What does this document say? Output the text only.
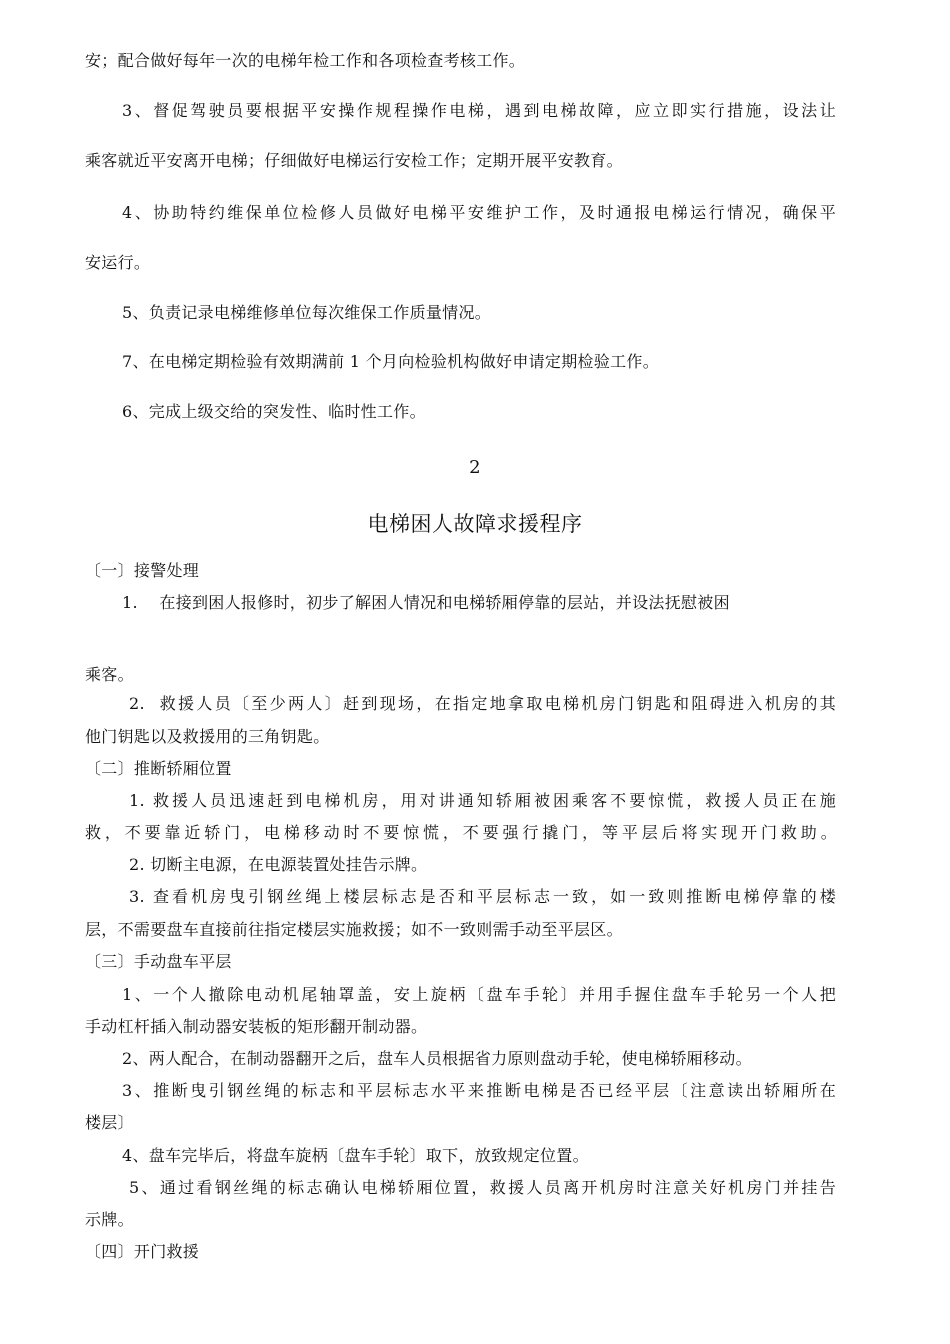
安；配合做好每年一次的电梯年检工作和各项检查考核工作。
3、督促驾驶员要根据平安操作规程操作电梯，遇到电梯故障，应立即实行措施，设法让
乘客就近平安离开电梯；仔细做好电梯运行安检工作；定期开展平安教育。
4、协助特约维保单位检修人员做好电梯平安维护工作，及时通报电梯运行情况，确保平
安运行。
5、负责记录电梯维修单位每次维保工作质量情况。
7、在电梯定期检验有效期满前 1 个月向检验机构做好申请定期检验工作。
6、完成上级交给的突发性、临时性工作。
2
电梯困人故障求援程序
〔一〕接警处理
1.    在接到困人报修时，初步了解困人情况和电梯轿厢停靠的层站，并设法抚慰被困
乘客。
2.  救援人员〔至少两人〕赶到现场，在指定地拿取电梯机房门钥匙和阻碍进入机房的其
他门钥匙以及救援用的三角钥匙。
〔二〕推断轿厢位置
1. 救援人员迅速赶到电梯机房，用对讲通知轿厢被困乘客不要惊慌，救援人员正在施
救，不要靠近轿门，电梯移动时不要惊慌，不要强行撬门，等平层后将实现开门救助。
2. 切断主电源，在电源装置处挂告示牌。
3. 查看机房曳引钢丝绳上楼层标志是否和平层标志一致，如一致则推断电梯停靠的楼
层，不需要盘车直接前往指定楼层实施救援；如不一致则需手动至平层区。
〔三〕手动盘车平层
1、一个人撤除电动机尾轴罩盖，安上旋柄〔盘车手轮〕并用手握住盘车手轮另一个人把
手动杠杆插入制动器安装板的矩形翻开制动器。
2、两人配合，在制动器翻开之后，盘车人员根据省力原则盘动手轮，使电梯轿厢移动。
3、推断曳引钢丝绳的标志和平层标志水平来推断电梯是否已经平层〔注意读出轿厢所在
楼层〕
4、盘车完毕后，将盘车旋柄〔盘车手轮〕取下，放致规定位置。
5、通过看钢丝绳的标志确认电梯轿厢位置，救援人员离开机房时注意关好机房门并挂告
示牌。
〔四〕开门救援
